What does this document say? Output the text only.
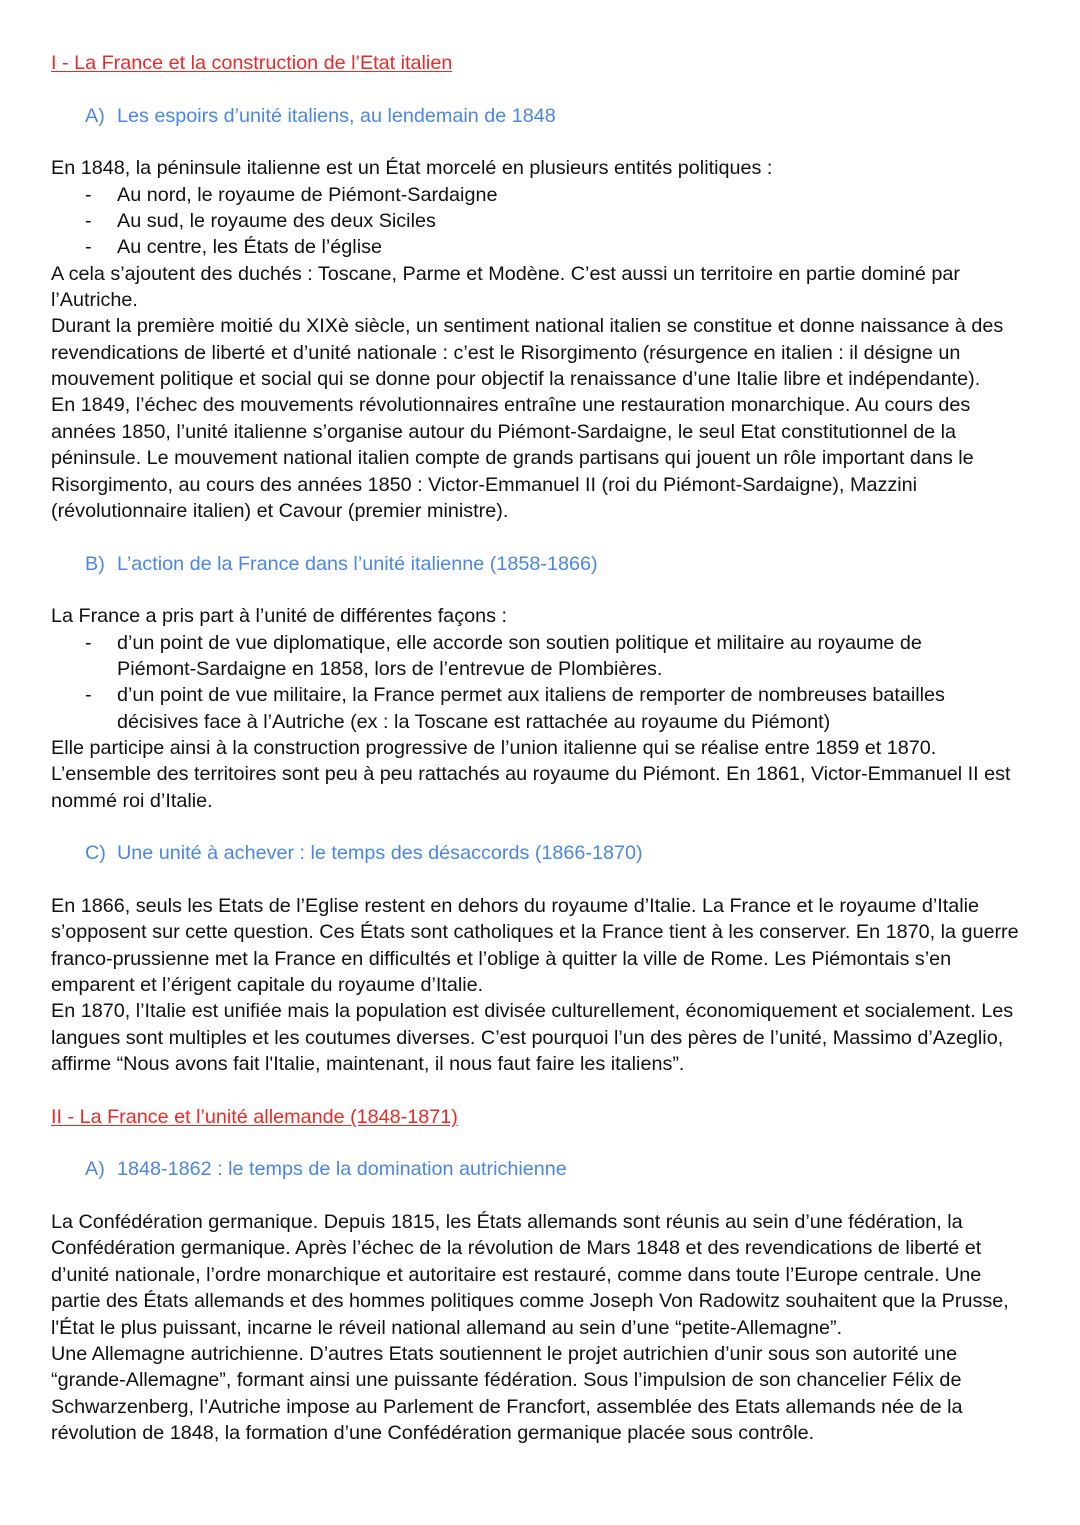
I - La France et la construction de l’Etat italien
A) Les espoirs d’unité italiens, au lendemain de 1848
En 1848, la péninsule italienne est un État morcelé en plusieurs entités politiques :
- Au nord, le royaume de Piémont-Sardaigne
- Au sud, le royaume des deux Siciles
- Au centre, les États de l’église
A cela s’ajoutent des duchés : Toscane, Parme et Modène. C’est aussi un territoire en partie dominé par
l’Autriche.
Durant la première moitié du XIXè siècle, un sentiment national italien se constitue et donne naissance à des
revendications de liberté et d’unité nationale : c’est le Risorgimento (résurgence en italien : il désigne un
mouvement politique et social qui se donne pour objectif la renaissance d’une Italie libre et indépendante).
En 1849, l’échec des mouvements révolutionnaires entraîne une restauration monarchique. Au cours des
années 1850, l’unité italienne s’organise autour du Piémont-Sardaigne, le seul Etat constitutionnel de la
péninsule. Le mouvement national italien compte de grands partisans qui jouent un rôle important dans le
Risorgimento, au cours des années 1850 : Victor-Emmanuel II (roi du Piémont-Sardaigne), Mazzini
(révolutionnaire italien) et Cavour (premier ministre).
B) L’action de la France dans l’unité italienne (1858-1866)
La France a pris part à l’unité de différentes façons :
- d’un point de vue diplomatique, elle accorde son soutien politique et militaire au royaume de
Piémont-Sardaigne en 1858, lors de l’entrevue de Plombières.
- d’un point de vue militaire, la France permet aux italiens de remporter de nombreuses batailles
décisives face à l’Autriche (ex : la Toscane est rattachée au royaume du Piémont)
Elle participe ainsi à la construction progressive de l’union italienne qui se réalise entre 1859 et 1870.
L’ensemble des territoires sont peu à peu rattachés au royaume du Piémont. En 1861, Victor-Emmanuel II est
nommé roi d’Italie.
C) Une unité à achever : le temps des désaccords (1866-1870)
En 1866, seuls les Etats de l’Eglise restent en dehors du royaume d’Italie. La France et le royaume d’Italie
s’opposent sur cette question. Ces États sont catholiques et la France tient à les conserver. En 1870, la guerre
franco-prussienne met la France en difficultés et l’oblige à quitter la ville de Rome. Les Piémontais s’en
emparent et l’érigent capitale du royaume d’Italie.
En 1870, l’Italie est unifiée mais la population est divisée culturellement, économiquement et socialement. Les
langues sont multiples et les coutumes diverses. C’est pourquoi l’un des pères de l’unité, Massimo d’Azeglio,
affirme “Nous avons fait l'Italie, maintenant, il nous faut faire les italiens”.
II - La France et l’unité allemande (1848-1871)
A) 1848-1862 : le temps de la domination autrichienne
La Confédération germanique. Depuis 1815, les États allemands sont réunis au sein d’une fédération, la
Confédération germanique. Après l’échec de la révolution de Mars 1848 et des revendications de liberté et
d’unité nationale, l’ordre monarchique et autoritaire est restauré, comme dans toute l’Europe centrale. Une
partie des États allemands et des hommes politiques comme Joseph Von Radowitz souhaitent que la Prusse,
l'État le plus puissant, incarne le réveil national allemand au sein d’une “petite-Allemagne”.
Une Allemagne autrichienne. D’autres Etats soutiennent le projet autrichien d’unir sous son autorité une
“grande-Allemagne”, formant ainsi une puissante fédération. Sous l’impulsion de son chancelier Félix de
Schwarzenberg, l’Autriche impose au Parlement de Francfort, assemblée des Etats allemands née de la
révolution de 1848, la formation d’une Confédération germanique placée sous contrôle.
